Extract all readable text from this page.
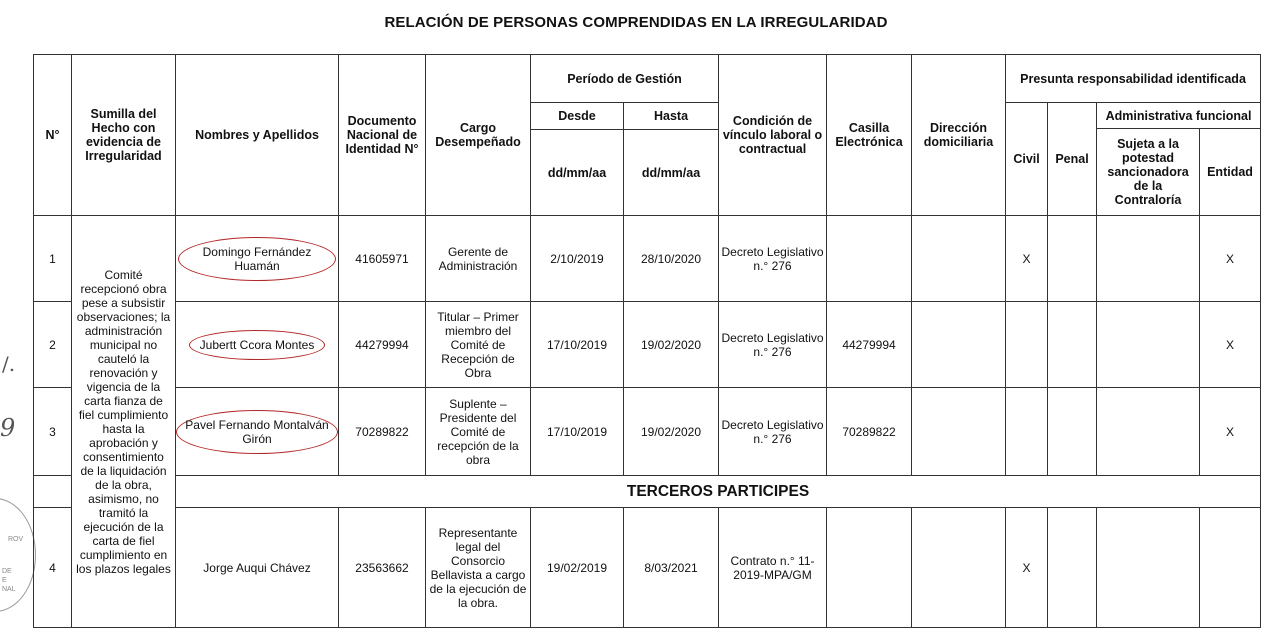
RELACIÓN DE PERSONAS COMPRENDIDAS EN LA IRREGULARIDAD
/.
9
ROV
DE
E
NAL
N°	Sumilla del Hecho con evidencia de Irregularidad	Nombres y Apellidos	Documento Nacional de Identidad N°	Cargo Desempeñado	Período de Gestión		Condición de vínculo laboral o contractual	Casilla Electrónica	Dirección domiciliaria	Presunta responsabilidad identificada			
					Desde	Hasta				Civil	Penal	Administrativa funcional	
												Sujeta a la potestad sancionadora de la Contraloría	Entidad
					dd/mm/aa	dd/mm/aa							
1	Comité recepcionó obra pese a subsistir observaciones; la administración municipal no cauteló la renovación y vigencia de la carta fianza de fiel cumplimiento hasta la aprobación y consentimiento de la liquidación de la obra, asimismo, no tramitó la ejecución de la carta de fiel cumplimiento en los plazos legales	Domingo Fernández Huamán	41605971	Gerente de Administración	2/10/2019	28/10/2020	Decreto Legislativo n.° 276			X			X
2		Jubertt Ccora Montes	44279994	Titular – Primer miembro del Comité de Recepción de Obra	17/10/2019	19/02/2020	Decreto Legislativo n.° 276	44279994					X
3		Pavel Fernando Montalván Girón	70289822	Suplente – Presidente del Comité de recepción de la obra	17/10/2019	19/02/2020	Decreto Legislativo n.° 276	70289822					X
		TERCEROS PARTICIPES											
4		Jorge Auqui Chávez	23563662	Representante legal del Consorcio Bellavista a cargo de la ejecución de la obra.	19/02/2019	8/03/2021	Contrato n.° 11-2019-MPA/GM			X			
